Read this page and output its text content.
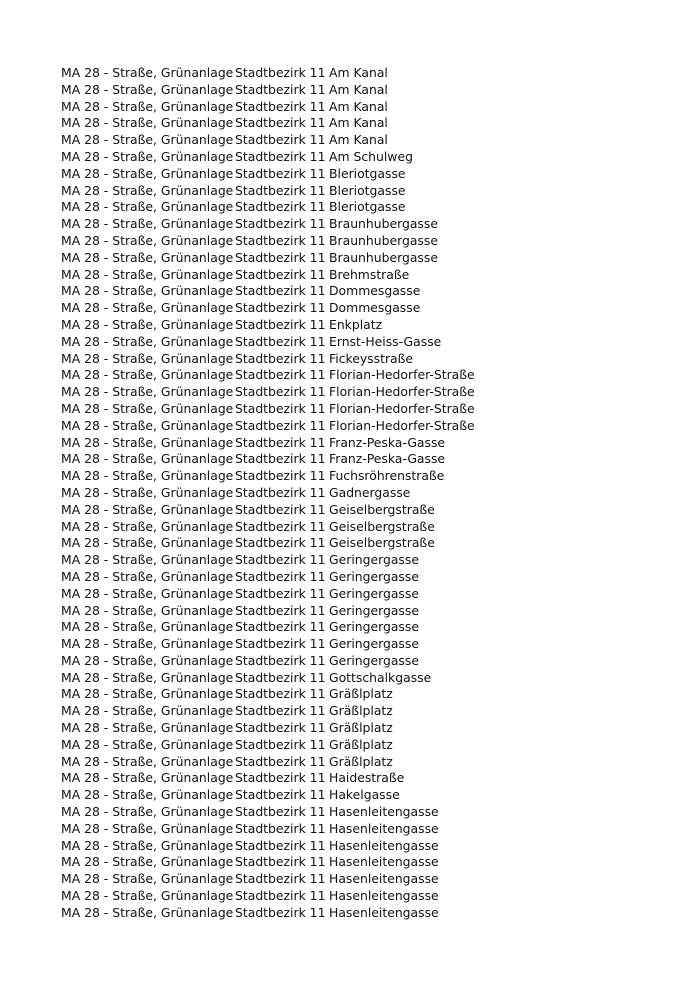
MA 28 - Straße, Grünanlage Stadtbezirk 11 Am Kanal
MA 28 - Straße, Grünanlage Stadtbezirk 11 Am Kanal
MA 28 - Straße, Grünanlage Stadtbezirk 11 Am Kanal
MA 28 - Straße, Grünanlage Stadtbezirk 11 Am Kanal
MA 28 - Straße, Grünanlage Stadtbezirk 11 Am Kanal
MA 28 - Straße, Grünanlage Stadtbezirk 11 Am Schulweg
MA 28 - Straße, Grünanlage Stadtbezirk 11 Bleriotgasse
MA 28 - Straße, Grünanlage Stadtbezirk 11 Bleriotgasse
MA 28 - Straße, Grünanlage Stadtbezirk 11 Bleriotgasse
MA 28 - Straße, Grünanlage Stadtbezirk 11 Braunhubergasse
MA 28 - Straße, Grünanlage Stadtbezirk 11 Braunhubergasse
MA 28 - Straße, Grünanlage Stadtbezirk 11 Braunhubergasse
MA 28 - Straße, Grünanlage Stadtbezirk 11 Brehmstraße
MA 28 - Straße, Grünanlage Stadtbezirk 11 Dommesgasse
MA 28 - Straße, Grünanlage Stadtbezirk 11 Dommesgasse
MA 28 - Straße, Grünanlage Stadtbezirk 11 Enkplatz
MA 28 - Straße, Grünanlage Stadtbezirk 11 Ernst-Heiss-Gasse
MA 28 - Straße, Grünanlage Stadtbezirk 11 Fickeysstraße
MA 28 - Straße, Grünanlage Stadtbezirk 11 Florian-Hedorfer-Straße
MA 28 - Straße, Grünanlage Stadtbezirk 11 Florian-Hedorfer-Straße
MA 28 - Straße, Grünanlage Stadtbezirk 11 Florian-Hedorfer-Straße
MA 28 - Straße, Grünanlage Stadtbezirk 11 Florian-Hedorfer-Straße
MA 28 - Straße, Grünanlage Stadtbezirk 11 Franz-Peska-Gasse
MA 28 - Straße, Grünanlage Stadtbezirk 11 Franz-Peska-Gasse
MA 28 - Straße, Grünanlage Stadtbezirk 11 Fuchsröhrenstraße
MA 28 - Straße, Grünanlage Stadtbezirk 11 Gadnergasse
MA 28 - Straße, Grünanlage Stadtbezirk 11 Geiselbergstraße
MA 28 - Straße, Grünanlage Stadtbezirk 11 Geiselbergstraße
MA 28 - Straße, Grünanlage Stadtbezirk 11 Geiselbergstraße
MA 28 - Straße, Grünanlage Stadtbezirk 11 Geringergasse
MA 28 - Straße, Grünanlage Stadtbezirk 11 Geringergasse
MA 28 - Straße, Grünanlage Stadtbezirk 11 Geringergasse
MA 28 - Straße, Grünanlage Stadtbezirk 11 Geringergasse
MA 28 - Straße, Grünanlage Stadtbezirk 11 Geringergasse
MA 28 - Straße, Grünanlage Stadtbezirk 11 Geringergasse
MA 28 - Straße, Grünanlage Stadtbezirk 11 Geringergasse
MA 28 - Straße, Grünanlage Stadtbezirk 11 Gottschalkgasse
MA 28 - Straße, Grünanlage Stadtbezirk 11 Gräßlplatz
MA 28 - Straße, Grünanlage Stadtbezirk 11 Gräßlplatz
MA 28 - Straße, Grünanlage Stadtbezirk 11 Gräßlplatz
MA 28 - Straße, Grünanlage Stadtbezirk 11 Gräßlplatz
MA 28 - Straße, Grünanlage Stadtbezirk 11 Gräßlplatz
MA 28 - Straße, Grünanlage Stadtbezirk 11 Haidestraße
MA 28 - Straße, Grünanlage Stadtbezirk 11 Hakelgasse
MA 28 - Straße, Grünanlage Stadtbezirk 11 Hasenleitengasse
MA 28 - Straße, Grünanlage Stadtbezirk 11 Hasenleitengasse
MA 28 - Straße, Grünanlage Stadtbezirk 11 Hasenleitengasse
MA 28 - Straße, Grünanlage Stadtbezirk 11 Hasenleitengasse
MA 28 - Straße, Grünanlage Stadtbezirk 11 Hasenleitengasse
MA 28 - Straße, Grünanlage Stadtbezirk 11 Hasenleitengasse
MA 28 - Straße, Grünanlage Stadtbezirk 11 Hasenleitengasse
